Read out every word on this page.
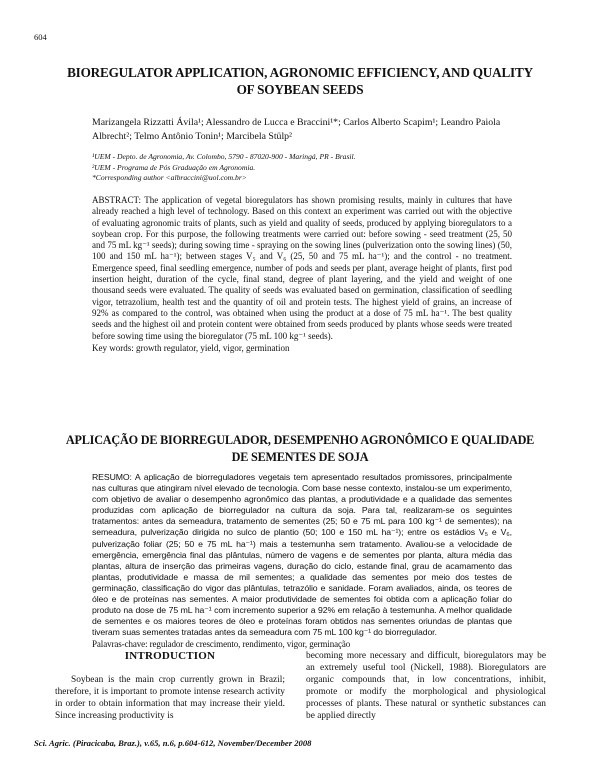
604
BIOREGULATOR APPLICATION, AGRONOMIC EFFICIENCY, AND QUALITY OF SOYBEAN SEEDS
Marizangela Rizzatti Ávila¹; Alessandro de Lucca e Braccini¹*; Carlos Alberto Scapim¹; Leandro Paiola Albrecht²; Telmo Antônio Tonin¹; Marcibela Stülp²
¹UEM - Depto. de Agronomia, Av. Colombo, 5790 - 87020-900 - Maringá, PR - Brasil.
²UEM - Programa de Pós Graduação em Agronomia.
*Corresponding author <albraccini@uol.com.br>

ABSTRACT: The application of vegetal bioregulators has shown promising results, mainly in cultures that have already reached a high level of technology. Based on this context an experiment was carried out with the objective of evaluating agronomic traits of plants, such as yield and quality of seeds, produced by applying bioregulators to a soybean crop. For this purpose, the following treatments were carried out: before sowing - seed treatment (25, 50 and 75 mL kg⁻¹ seeds); during sowing time - spraying on the sowing lines (pulverization onto the sowing lines) (50, 100 and 150 mL ha⁻¹); between stages V₅ and V₆ (25, 50 and 75 mL ha⁻¹); and the control - no treatment. Emergence speed, final seedling emergence, number of pods and seeds per plant, average height of plants, first pod insertion height, duration of the cycle, final stand, degree of plant layering, and the yield and weight of one thousand seeds were evaluated. The quality of seeds was evaluated based on germination, classification of seedling vigor, tetrazolium, health test and the quantity of oil and protein tests. The highest yield of grains, an increase of 92% as compared to the control, was obtained when using the product at a dose of 75 mL ha⁻¹. The best quality seeds and the highest oil and protein content were obtained from seeds produced by plants whose seeds were treated before sowing time using the bioregulator (75 mL 100 kg⁻¹ seeds).

Key words: growth regulator, yield, vigor, germination

APLICAÇÃO DE BIORREGULADOR, DESEMPENHO AGRONÔMICO E QUALIDADE DE SEMENTES DE SOJA

RESUMO: A aplicação de biorreguladores vegetais tem apresentado resultados promissores, principalmente nas culturas que atingiram nível elevado de tecnologia. Com base nesse contexto, instalou-se um experimento, com objetivo de avaliar o desempenho agronômico das plantas, a produtividade e a qualidade das sementes produzidas com aplicação de biorregulador na cultura da soja. Para tal, realizaram-se os seguintes tratamentos: antes da semeadura, tratamento de sementes (25; 50 e 75 mL para 100 kg⁻¹ de sementes); na semeadura, pulverização dirigida no sulco de plantio (50; 100 e 150 mL ha⁻¹); entre os estádios V₅ e V₆, pulverização foliar (25; 50 e 75 mL ha⁻¹) mais a testemunha sem tratamento. Avaliou-se a velocidade de emergência, emergência final das plântulas, número de vagens e de sementes por planta, altura média das plantas, altura de inserção das primeiras vagens, duração do ciclo, estande final, grau de acamamento das plantas, produtividade e massa de mil sementes; a qualidade das sementes por meio dos testes de germinação, classificação do vigor das plântulas, tetrazólio e sanidade. Foram avaliados, ainda, os teores de óleo e de proteínas nas sementes. A maior produtividade de sementes foi obtida com a aplicação foliar do produto na dose de 75 mL ha⁻¹ com incremento superior a 92% em relação à testemunha. A melhor qualidade de sementes e os maiores teores de óleo e proteínas foram obtidos nas sementes oriundas de plantas que tiveram suas sementes tratadas antes da semeadura com 75 mL 100 kg⁻¹ do biorregulador.

Palavras-chave: regulador de crescimento, rendimento, vigor, germinação

INTRODUCTION

Soybean is the main crop currently grown in Brazil; therefore, it is important to promote intense research activity in order to obtain information that may increase their yield. Since increasing productivity is

becoming more necessary and difficult, bioregulators may be an extremely useful tool (Nickell, 1988). Bioregulators are organic compounds that, in low concentrations, inhibit, promote or modify the morphological and physiological processes of plants. These natural or synthetic substances can be applied directly

Sci. Agric. (Piracicaba, Braz.), v.65, n.6, p.604-612, November/December 2008
